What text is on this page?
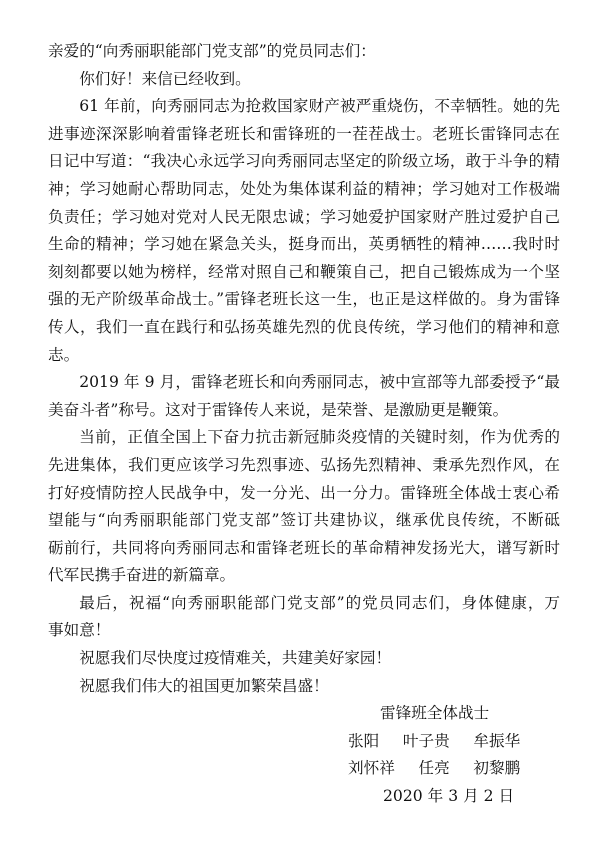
亲爱的“向秀丽职能部门党支部”的党员同志们：
你们好！来信已经收到。
61 年前，向秀丽同志为抢救国家财产被严重烧伤，不幸牺牲。她的先
进事迹深深影响着雷锋老班长和雷锋班的一茬茬战士。老班长雷锋同志在
日记中写道：“我决心永远学习向秀丽同志坚定的阶级立场，敢于斗争的精
神；学习她耐心帮助同志，处处为集体谋利益的精神；学习她对工作极端
负责任；学习她对党对人民无限忠诚；学习她爱护国家财产胜过爱护自己
生命的精神；学习她在紧急关头，挺身而出，英勇牺牲的精神……我时时
刻刻都要以她为榜样，经常对照自己和鞭策自己，把自己锻炼成为一个坚
强的无产阶级革命战士。”雷锋老班长这一生，也正是这样做的。身为雷锋
传人，我们一直在践行和弘扬英雄先烈的优良传统，学习他们的精神和意
志。
2019 年 9 月，雷锋老班长和向秀丽同志，被中宣部等九部委授予“最
美奋斗者”称号。这对于雷锋传人来说，是荣誉、是激励更是鞭策。
当前，正值全国上下奋力抗击新冠肺炎疫情的关键时刻，作为优秀的
先进集体，我们更应该学习先烈事迹、弘扬先烈精神、秉承先烈作风，在
打好疫情防控人民战争中，发一分光、出一分力。雷锋班全体战士衷心希
望能与“向秀丽职能部门党支部”签订共建协议，继承优良传统，不断砥
砺前行，共同将向秀丽同志和雷锋老班长的革命精神发扬光大，谱写新时
代军民携手奋进的新篇章。
最后，祝福“向秀丽职能部门党支部”的党员同志们，身体健康，万
事如意！
祝愿我们尽快度过疫情难关，共建美好家园！
祝愿我们伟大的祖国更加繁荣昌盛！
雷锋班全体战士
张阳 叶子贵 牟振华
刘怀祥 任亮 初黎鹏
2020 年 3 月 2 日
